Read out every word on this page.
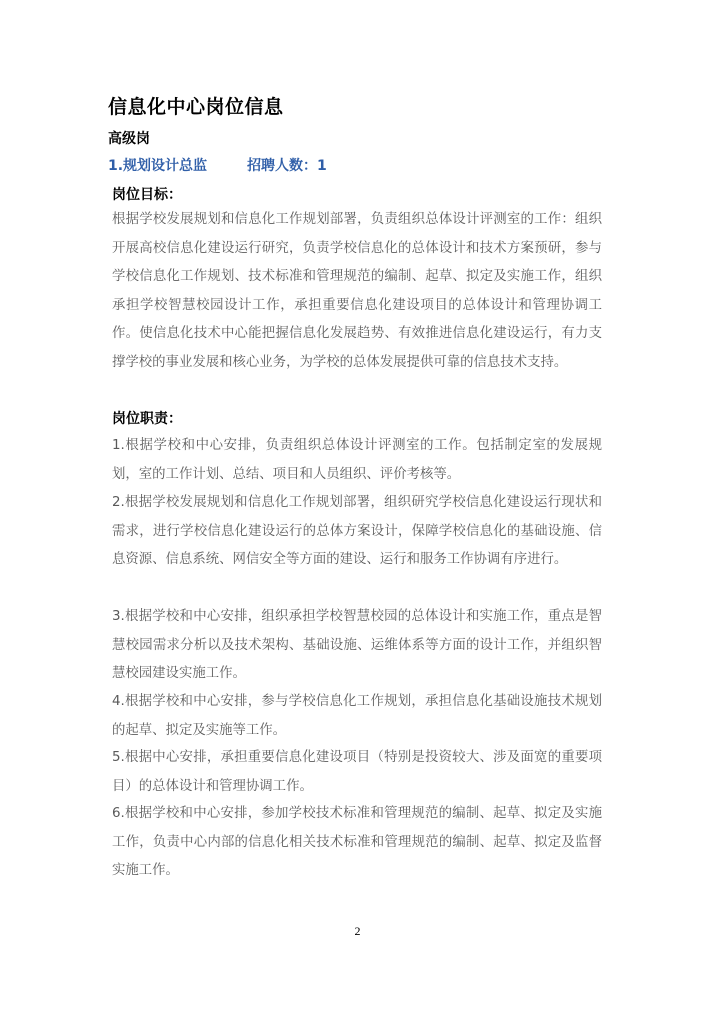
信息化中心岗位信息
高级岗
1.规划设计总监	招聘人数：1
岗位目标：

根据学校发展规划和信息化工作规划部署，负责组织总体设计评测室的工作：组织开展高校信息化建设运行研究，负责学校信息化的总体设计和技术方案预研，参与学校信息化工作规划、技术标准和管理规范的编制、起草、拟定及实施工作，组织承担学校智慧校园设计工作，承担重要信息化建设项目的总体设计和管理协调工作。使信息化技术中心能把握信息化发展趋势、有效推进信息化建设运行，有力支撑学校的事业发展和核心业务，为学校的总体发展提供可靠的信息技术支持。

岗位职责：

1.根据学校和中心安排，负责组织总体设计评测室的工作。包括制定室的发展规划，室的工作计划、总结、项目和人员组织、评价考核等。

2.根据学校发展规划和信息化工作规划部署，组织研究学校信息化建设运行现状和需求，进行学校信息化建设运行的总体方案设计，保障学校信息化的基础设施、信息资源、信息系统、网信安全等方面的建设、运行和服务工作协调有序进行。

3.根据学校和中心安排，组织承担学校智慧校园的总体设计和实施工作，重点是智慧校园需求分析以及技术架构、基础设施、运维体系等方面的设计工作，并组织智慧校园建设实施工作。

4.根据学校和中心安排，参与学校信息化工作规划，承担信息化基础设施技术规划的起草、拟定及实施等工作。

5.根据中心安排，承担重要信息化建设项目（特别是投资较大、涉及面宽的重要项目）的总体设计和管理协调工作。

6.根据学校和中心安排，参加学校技术标准和管理规范的编制、起草、拟定及实施工作，负责中心内部的信息化相关技术标准和管理规范的编制、起草、拟定及监督实施工作。

2
